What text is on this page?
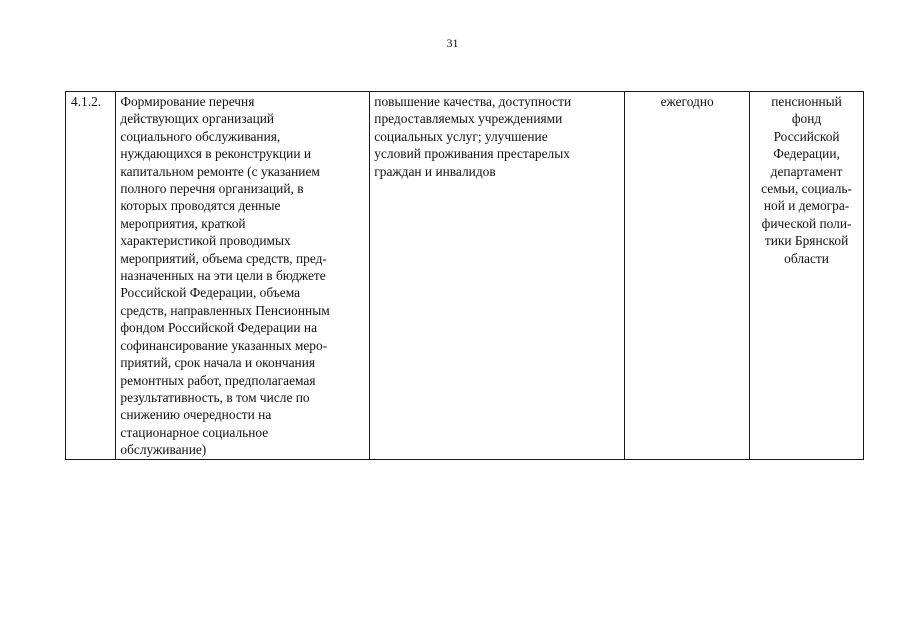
31
4.1.2.	Формирование перечня
действующих организаций
социального обслуживания,
нуждающихся в реконструкции и
капитальном ремонте (с указанием
полного перечня организаций, в
которых проводятся денные
мероприятия, краткой
характеристикой проводимых
мероприятий, объема средств, пред-
назначенных на эти цели в бюджете
Российской Федерации, объема
средств, направленных Пенсионным
фондом Российской Федерации на
софинансирование указанных меро-
приятий, срок начала и окончания
ремонтных работ, предполагаемая
результативность, в том числе по
снижению очередности на
стационарное социальное
обслуживание)	повышение качества, доступности
предоставляемых учреждениями
социальных услуг; улучшение
условий проживания престарелых
граждан и инвалидов	ежегодно	пенсионный
фонд
Российской
Федерации,
департамент
семьи, социаль-
ной и демогра-
фической поли-
тики Брянской
области
